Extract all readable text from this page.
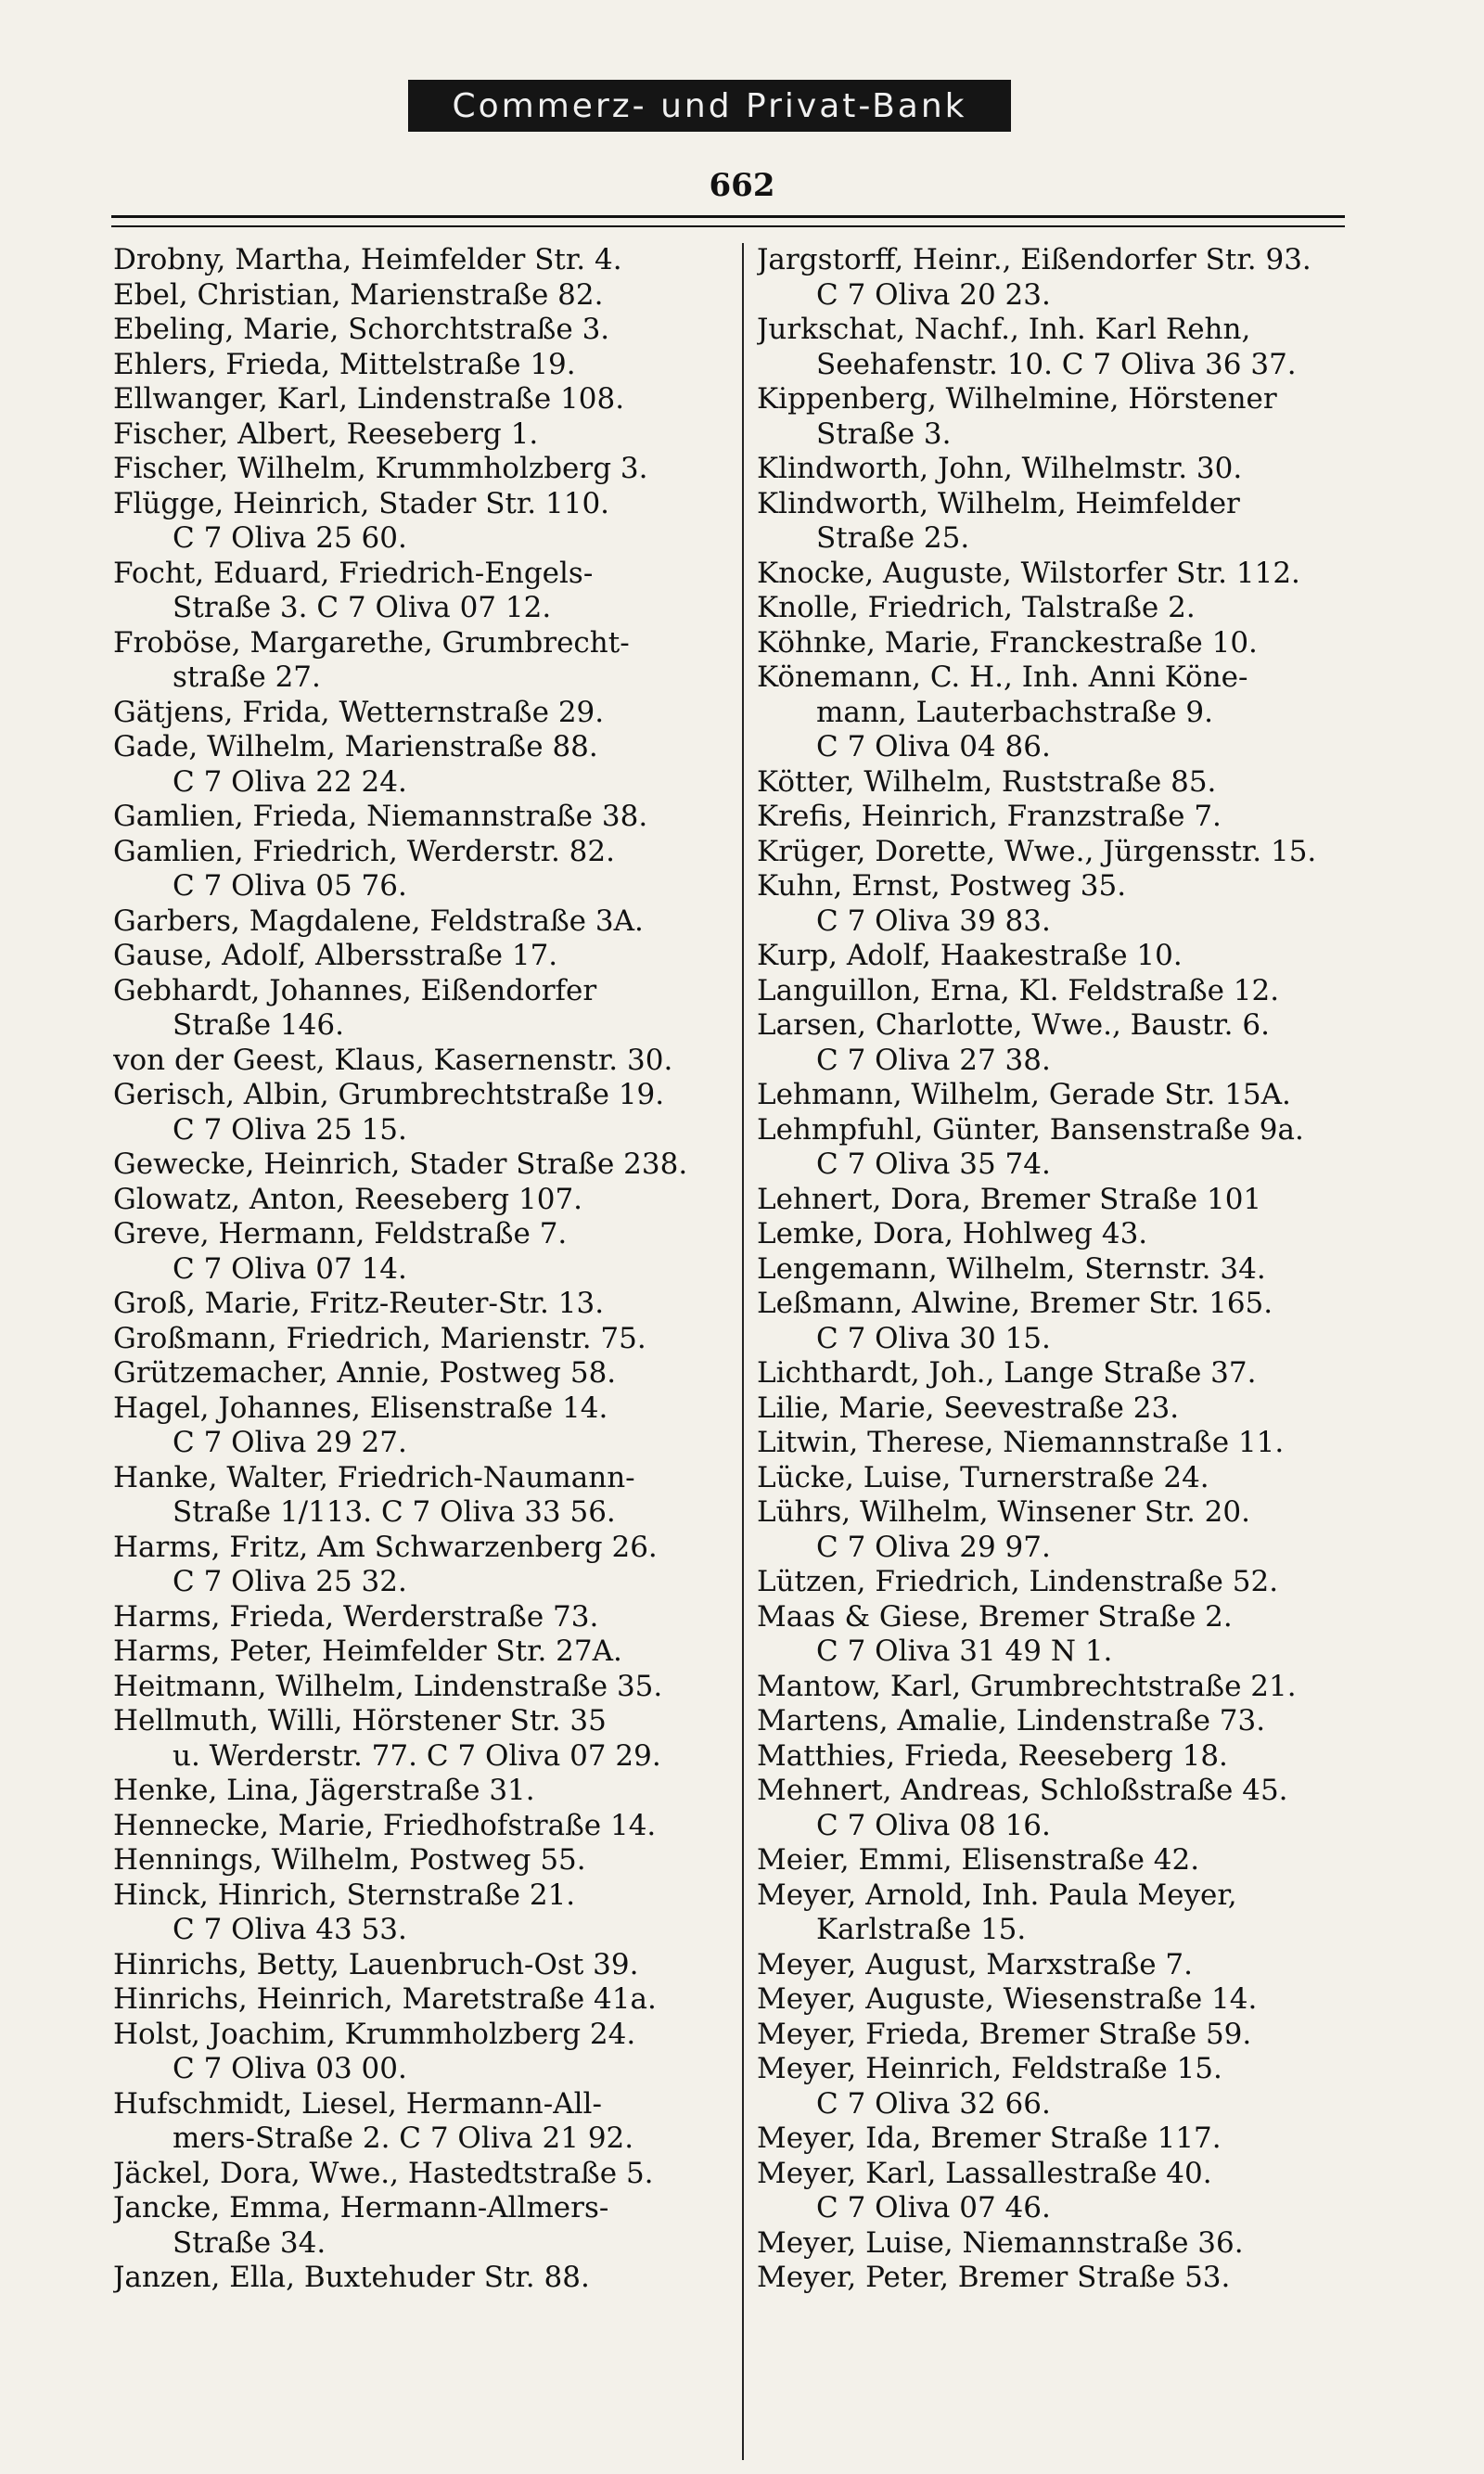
Commerz- und Privat-Bank
662
Drobny, Martha, Heimfelder Str. 4.
Ebel, Christian, Marienstraße 82.
Ebeling, Marie, Schorchtstraße 3.
Ehlers, Frieda, Mittelstraße 19.
Ellwanger, Karl, Lindenstraße 108.
Fischer, Albert, Reeseberg 1.
Fischer, Wilhelm, Krummholzberg 3.
Flügge, Heinrich, Stader Str. 110.
C 7 Oliva 25 60.
Focht, Eduard, Friedrich-Engels-
Straße 3. C 7 Oliva 07 12.
Froböse, Margarethe, Grumbrecht-
straße 27.
Gätjens, Frida, Wetternstraße 29.
Gade, Wilhelm, Marienstraße 88.
C 7 Oliva 22 24.
Gamlien, Frieda, Niemannstraße 38.
Gamlien, Friedrich, Werderstr. 82.
C 7 Oliva 05 76.
Garbers, Magdalene, Feldstraße 3A.
Gause, Adolf, Albersstraße 17.
Gebhardt, Johannes, Eißendorfer
Straße 146.
von der Geest, Klaus, Kasernenstr. 30.
Gerisch, Albin, Grumbrechtstraße 19.
C 7 Oliva 25 15.
Gewecke, Heinrich, Stader Straße 238.
Glowatz, Anton, Reeseberg 107.
Greve, Hermann, Feldstraße 7.
C 7 Oliva 07 14.
Groß, Marie, Fritz-Reuter-Str. 13.
Großmann, Friedrich, Marienstr. 75.
Grützemacher, Annie, Postweg 58.
Hagel, Johannes, Elisenstraße 14.
C 7 Oliva 29 27.
Hanke, Walter, Friedrich-Naumann-
Straße 1/113. C 7 Oliva 33 56.
Harms, Fritz, Am Schwarzenberg 26.
C 7 Oliva 25 32.
Harms, Frieda, Werderstraße 73.
Harms, Peter, Heimfelder Str. 27A.
Heitmann, Wilhelm, Lindenstraße 35.
Hellmuth, Willi, Hörstener Str. 35
u. Werderstr. 77. C 7 Oliva 07 29.
Henke, Lina, Jägerstraße 31.
Hennecke, Marie, Friedhofstraße 14.
Hennings, Wilhelm, Postweg 55.
Hinck, Hinrich, Sternstraße 21.
C 7 Oliva 43 53.
Hinrichs, Betty, Lauenbruch-Ost 39.
Hinrichs, Heinrich, Maretstraße 41a.
Holst, Joachim, Krummholzberg 24.
C 7 Oliva 03 00.
Hufschmidt, Liesel, Hermann-All-
mers-Straße 2. C 7 Oliva 21 92.
Jäckel, Dora, Wwe., Hastedtstraße 5.
Jancke, Emma, Hermann-Allmers-
Straße 34.
Janzen, Ella, Buxtehuder Str. 88.
Jargstorff, Heinr., Eißendorfer Str. 93.
C 7 Oliva 20 23.
Jurkschat, Nachf., Inh. Karl Rehn,
Seehafenstr. 10. C 7 Oliva 36 37.
Kippenberg, Wilhelmine, Hörstener
Straße 3.
Klindworth, John, Wilhelmstr. 30.
Klindworth, Wilhelm, Heimfelder
Straße 25.
Knocke, Auguste, Wilstorfer Str. 112.
Knolle, Friedrich, Talstraße 2.
Köhnke, Marie, Franckestraße 10.
Könemann, C. H., Inh. Anni Köne-
mann, Lauterbachstraße 9.
C 7 Oliva 04 86.
Kötter, Wilhelm, Ruststraße 85.
Krefis, Heinrich, Franzstraße 7.
Krüger, Dorette, Wwe., Jürgensstr. 15.
Kuhn, Ernst, Postweg 35.
C 7 Oliva 39 83.
Kurp, Adolf, Haakestraße 10.
Languillon, Erna, Kl. Feldstraße 12.
Larsen, Charlotte, Wwe., Baustr. 6.
C 7 Oliva 27 38.
Lehmann, Wilhelm, Gerade Str. 15A.
Lehmpfuhl, Günter, Bansenstraße 9a.
C 7 Oliva 35 74.
Lehnert, Dora, Bremer Straße 101
Lemke, Dora, Hohlweg 43.
Lengemann, Wilhelm, Sternstr. 34.
Leßmann, Alwine, Bremer Str. 165.
C 7 Oliva 30 15.
Lichthardt, Joh., Lange Straße 37.
Lilie, Marie, Seevestraße 23.
Litwin, Therese, Niemannstraße 11.
Lücke, Luise, Turnerstraße 24.
Lührs, Wilhelm, Winsener Str. 20.
C 7 Oliva 29 97.
Lützen, Friedrich, Lindenstraße 52.
Maas & Giese, Bremer Straße 2.
C 7 Oliva 31 49 N 1.
Mantow, Karl, Grumbrechtstraße 21.
Martens, Amalie, Lindenstraße 73.
Matthies, Frieda, Reeseberg 18.
Mehnert, Andreas, Schloßstraße 45.
C 7 Oliva 08 16.
Meier, Emmi, Elisenstraße 42.
Meyer, Arnold, Inh. Paula Meyer,
Karlstraße 15.
Meyer, August, Marxstraße 7.
Meyer, Auguste, Wiesenstraße 14.
Meyer, Frieda, Bremer Straße 59.
Meyer, Heinrich, Feldstraße 15.
C 7 Oliva 32 66.
Meyer, Ida, Bremer Straße 117.
Meyer, Karl, Lassallestraße 40.
C 7 Oliva 07 46.
Meyer, Luise, Niemannstraße 36.
Meyer, Peter, Bremer Straße 53.
